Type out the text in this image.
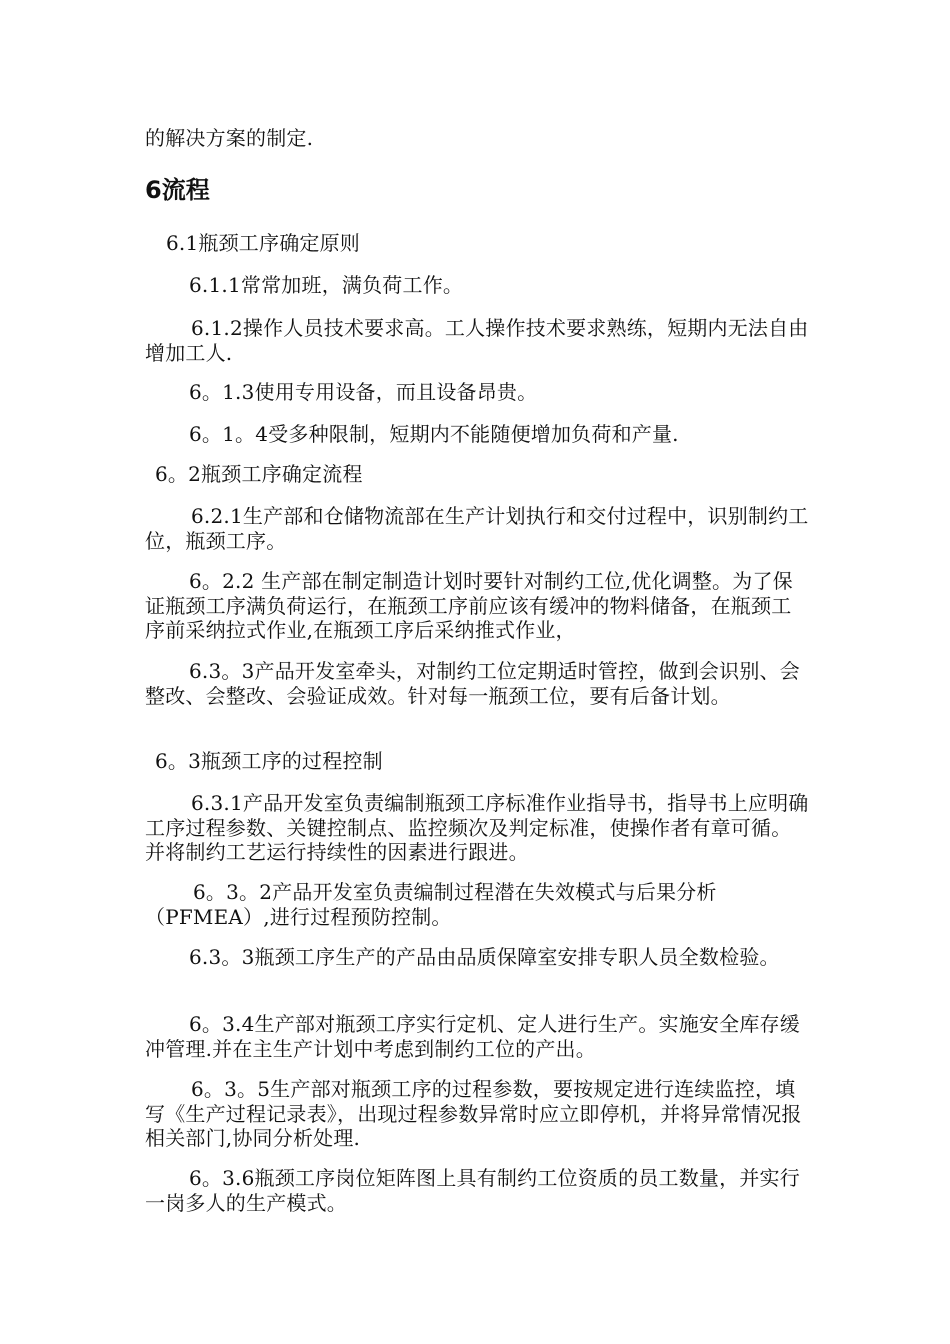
的解决方案的制定.
6流程
6.1瓶颈工序确定原则
6.1.1常常加班，满负荷工作。
6.1.2操作人员技术要求高。工人操作技术要求熟练，短期内无法自由增加工人.
6。1.3使用专用设备，而且设备昂贵。
6。1。4受多种限制，短期内不能随便增加负荷和产量.
6。2瓶颈工序确定流程
6.2.1生产部和仓储物流部在生产计划执行和交付过程中，识别制约工位，瓶颈工序。
6。2.2 生产部在制定制造计划时要针对制约工位,优化调整。为了保证瓶颈工序满负荷运行，在瓶颈工序前应该有缓冲的物料储备，在瓶颈工序前采纳拉式作业,在瓶颈工序后采纳推式作业，
6.3。3产品开发室牵头，对制约工位定期适时管控，做到会识别、会整改、会整改、会验证成效。针对每一瓶颈工位，要有后备计划。
6。3瓶颈工序的过程控制
6.3.1产品开发室负责编制瓶颈工序标准作业指导书，指导书上应明确工序过程参数、关键控制点、监控频次及判定标准，使操作者有章可循。并将制约工艺运行持续性的因素进行跟进。
6。3。2产品开发室负责编制过程潜在失效模式与后果分析（PFMEA）,进行过程预防控制。
6.3。3瓶颈工序生产的产品由品质保障室安排专职人员全数检验。
6。3.4生产部对瓶颈工序实行定机、定人进行生产。实施安全库存缓冲管理.并在主生产计划中考虑到制约工位的产出。
6。3。5生产部对瓶颈工序的过程参数，要按规定进行连续监控，填写《生产过程记录表》，出现过程参数异常时应立即停机，并将异常情况报相关部门,协同分析处理.
6。3.6瓶颈工序岗位矩阵图上具有制约工位资质的员工数量，并实行一岗多人的生产模式。
